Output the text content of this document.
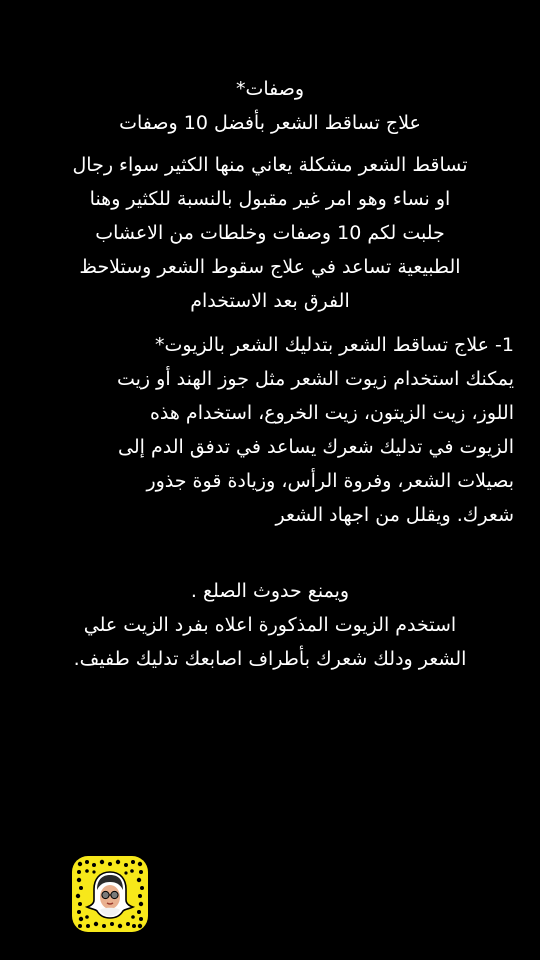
وصفات*
علاج تساقط الشعر بأفضل 10 وصفات
تساقط الشعر مشكلة يعاني منها الكثير سواء رجال
او نساء وهو امر غير مقبول بالنسبة للكثير وهنا
جلبت لكم 10 وصفات وخلطات من الاعشاب
الطبيعية تساعد في علاج سقوط الشعر وستلاحظ
الفرق بعد الاستخدام
1- علاج تساقط الشعر بتدليك الشعر بالزيوت*
يمكنك استخدام زيوت الشعر مثل جوز الهند أو زيت
اللوز، زيت الزيتون، زيت الخروع، استخدام هذه
الزيوت في تدليك شعرك يساعد في تدفق الدم إلى
بصيلات الشعر، وفروة الرأس، وزيادة قوة جذور
شعرك. ويقلل من اجهاد الشعر
ويمنع حدوث الصلع .
استخدم الزيوت المذكورة اعلاه بفرد الزيت علي
الشعر ودلك شعرك بأطراف اصابعك تدليك طفيف.
